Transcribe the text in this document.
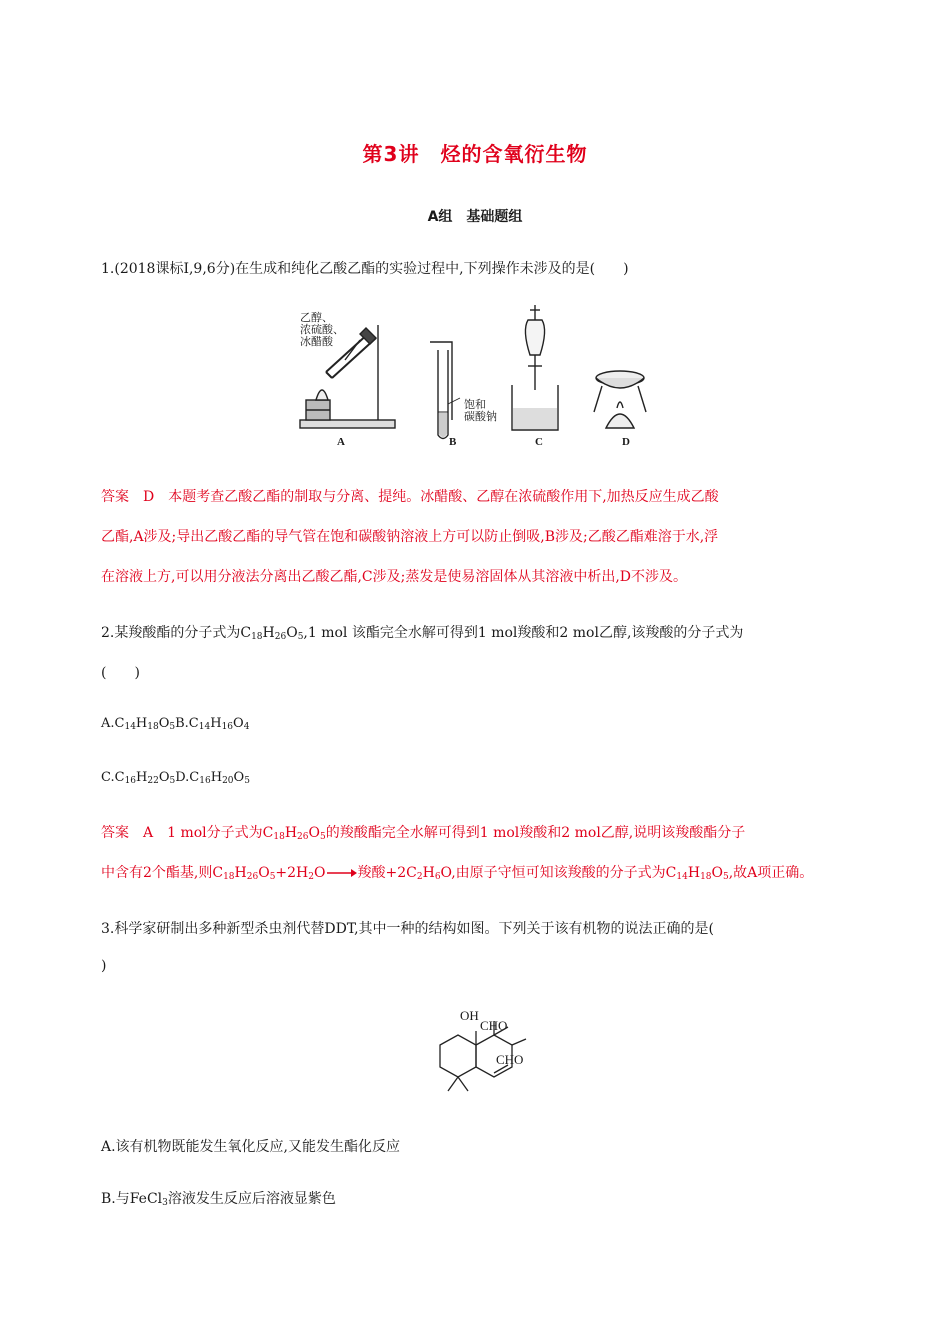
第3讲　烃的含氧衍生物
A组　基础题组
1.(2018课标Ⅰ,9,6分)在生成和纯化乙酸乙酯的实验过程中,下列操作未涉及的是(　　)
乙醇、
浓硫酸、
冰醋酸
饱和
碳酸钠
A	B	C	D
答案　D　本题考查乙酸乙酯的制取与分离、提纯。冰醋酸、乙醇在浓硫酸作用下,加热反应生成乙酸
乙酯,A涉及;导出乙酸乙酯的导气管在饱和碳酸钠溶液上方可以防止倒吸,B涉及;乙酸乙酯难溶于水,浮
在溶液上方,可以用分液法分离出乙酸乙酯,C涉及;蒸发是使易溶固体从其溶液中析出,D不涉及。
2.某羧酸酯的分子式为$C_{18}H_{26}O_5,1$ mol 该酯完全水解可得到1 mol羧酸和2 mol乙醇,该羧酸的分子式为
(　　)
$A.C_{14}H_{18}O_5B.C_{14}H_{16}O_4$
$C.C_{16}H_{22}O_5D.C_{16}H_{20}O_5$
答案　A　1 mol分子式为$C_{18}H_{26}O_5$的羧酸酯完全水解可得到1 mol羧酸和2 mol乙醇,说明该羧酸酯分子
中含有2个酯基,则$C_{18}H_{26}O_5+2H_2O\to$羧酸$+2C_2H_6O$,由原子守恒可知该羧酸的分子式为$C_{14}H_{18}O_5$,故A项正确。
3.科学家研制出多种新型杀虫剂代替DDT,其中一种的结构如图。下列关于该有机物的说法正确的是(
)
OH
CHO
CHO
A.该有机物既能发生氧化反应,又能发生酯化反应
B.与FeCl$_3$溶液发生反应后溶液显紫色
